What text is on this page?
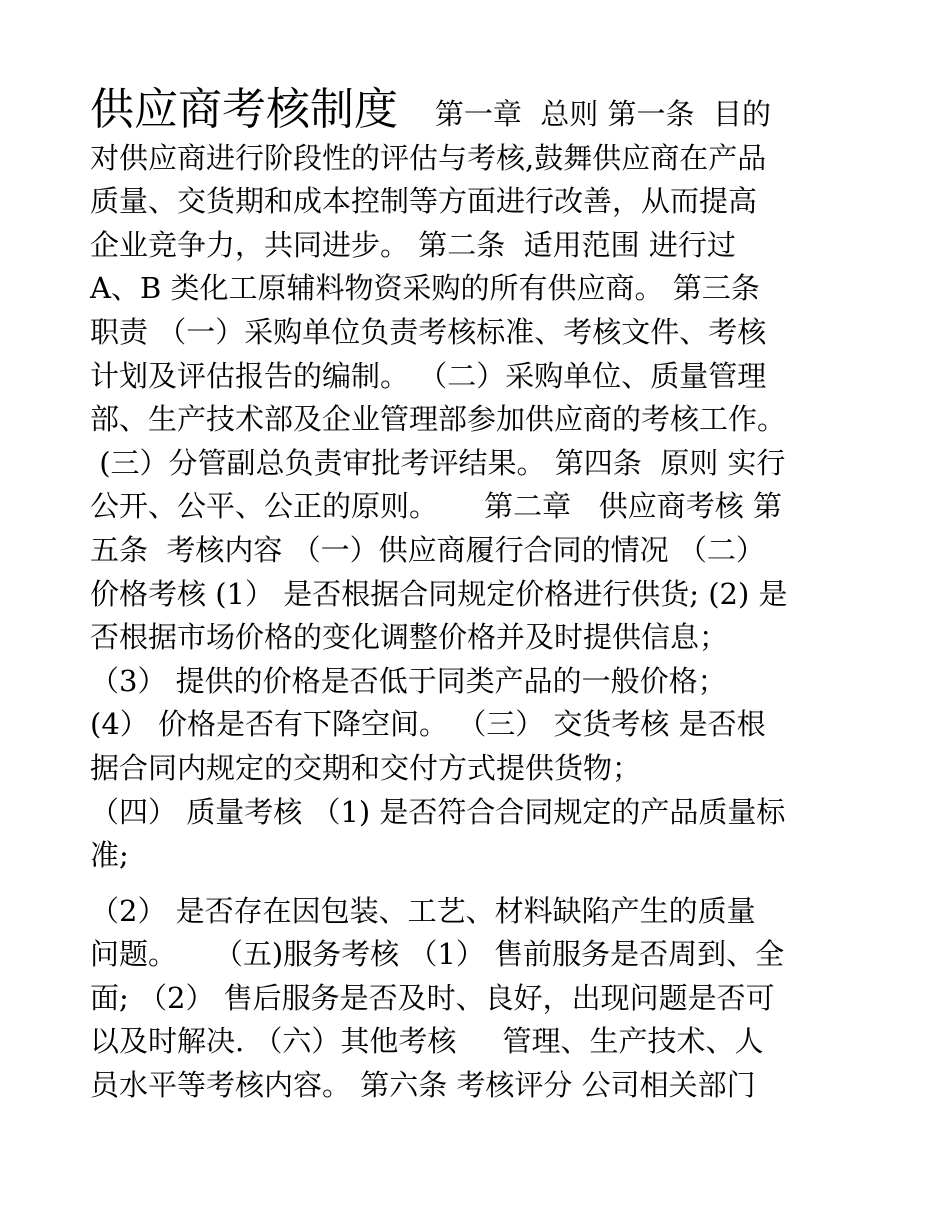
供应商考核制度 第一章  总则 第一条  目的
对供应商进行阶段性的评估与考核,鼓舞供应商在产品
质量、交货期和成本控制等方面进行改善，从而提高
企业竞争力，共同进步。 第二条  适用范围 进行过
A、B 类化工原辅料物资采购的所有供应商。 第三条
职责 （一）采购单位负责考核标准、考核文件、考核
计划及评估报告的编制。 （二）采购单位、质量管理
部、生产技术部及企业管理部参加供应商的考核工作。
(三）分管副总负责审批考评结果。 第四条  原则 实行
公开、公平、公正的原则。     第二章   供应商考核 第
五条  考核内容 （一）供应商履行合同的情况 （二）
价格考核 (1） 是否根据合同规定价格进行供货; (2) 是
否根据市场价格的变化调整价格并及时提供信息；
（3） 提供的价格是否低于同类产品的一般价格；
(4） 价格是否有下降空间。 （三） 交货考核 是否根
据合同内规定的交期和交付方式提供货物；
（四） 质量考核 （1) 是否符合合同规定的产品质量标
准;
（2） 是否存在因包装、工艺、材料缺陷产生的质量
问题。    （五)服务考核 （1） 售前服务是否周到、全
面; （2） 售后服务是否及时、良好，出现问题是否可
以及时解决. （六）其他考核     管理、生产技术、人
员水平等考核内容。 第六条 考核评分 公司相关部门
